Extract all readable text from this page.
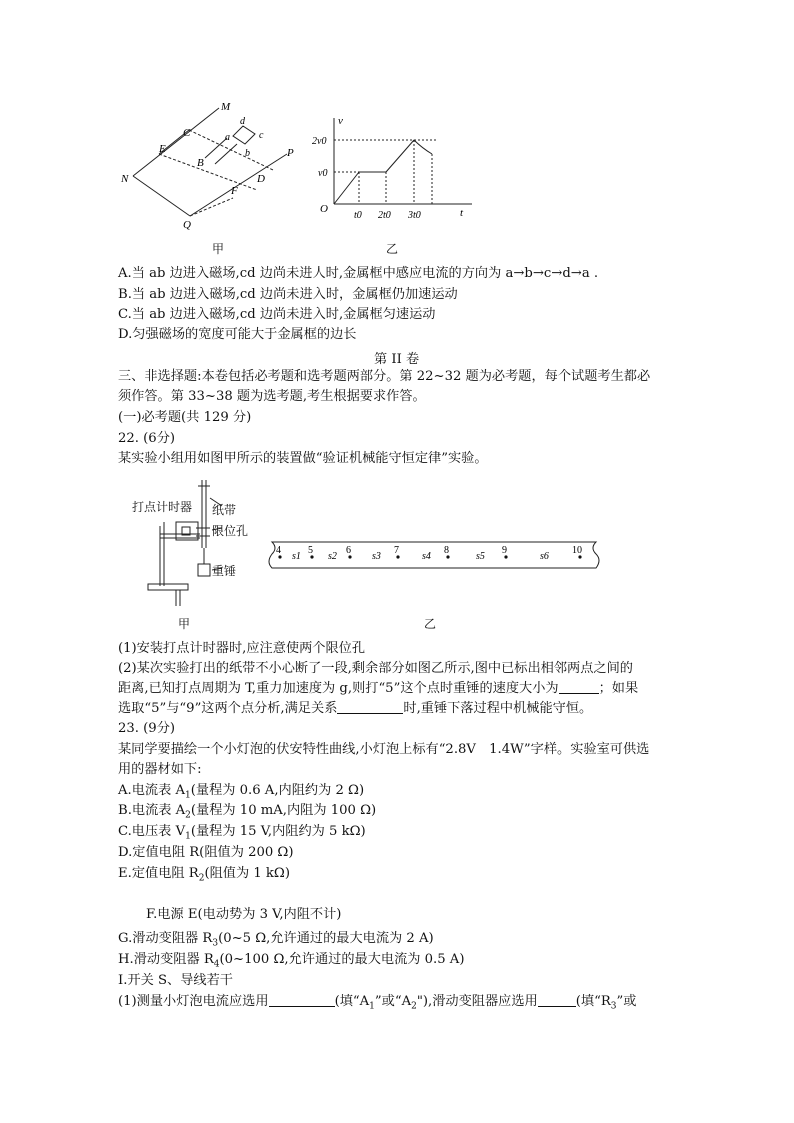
M
C
E
N
B
D
F
P
Q
d
a	c
b
v
2v0
v0
O
t0 2t0 3t0	t
甲	乙
A.当 ab 边进入磁场,cd 边尚未进人时,金属框中感应电流的方向为 a→b→c→d→a .
B.当 ab 边进入磁场,cd 边尚未进入时，金属框仍加速运动
C.当 ab 边进入磁场,cd 边尚未进入时,金属框匀速运动
D.匀强磁场的宽度可能大于金属框的边长
第 II 卷
三、非选择题:本卷包括必考题和选考题两部分。第 22~32 题为必考题，每个试题考生都必
须作答。第 33~38 题为选考题,考生根据要求作答。
(一)必考题(共 129 分)
22. (6分)
某实验小组用如图甲所示的装置做“验证机械能守恒定律”实验。
打点计时器 纸带
限位孔
重锤
甲
4	5	6	7	8	9	10
s1	s2	s3	s4	s5	s6
乙
(1)安装打点计时器时,应注意使两个限位孔
(2)某次实验打出的纸带不小心断了一段,剩余部分如图乙所示,图中已标出相邻两点之间的
距离,已知打点周期为 T,重力加速度为 g,则打“5”这个点时重锤的速度大小为	；如果
选取“5”与“9”这两个点分析,满足关系	时,重锤下落过程中机械能守恒。
23. (9分)
某同学要描绘一个小灯泡的伏安特性曲线,小灯泡上标有“2.8V　1.4W”字样。实验室可供选
用的器材如下:
A.电流表 $A_1$(量程为 0.6 A,内阻约为 2 Ω)
B.电流表 $A_2$(量程为 10 mA,内阻为 100 Ω)
C.电压表 $V_1$(量程为 15 V,内阻约为 5 kΩ)
D.定值电阻 R(阻值为 200 Ω)
E.定值电阻 $R_2$(阻值为 1 kΩ)
F.电源 E(电动势为 3 V,内阻不计)
G.滑动变阻器 $R_3(0\sim 5$ Ω,允许通过的最大电流为 2 A)
H.滑动变阻器 $R_4(0\sim 100$ Ω,允许通过的最大电流为 0.5 A)
I.开关 S、导线若干
(1)测量小灯泡电流应选用	(填“$A_1$”或“$A_2$"),滑动变阻器应选用	(填“$R_3$”或
